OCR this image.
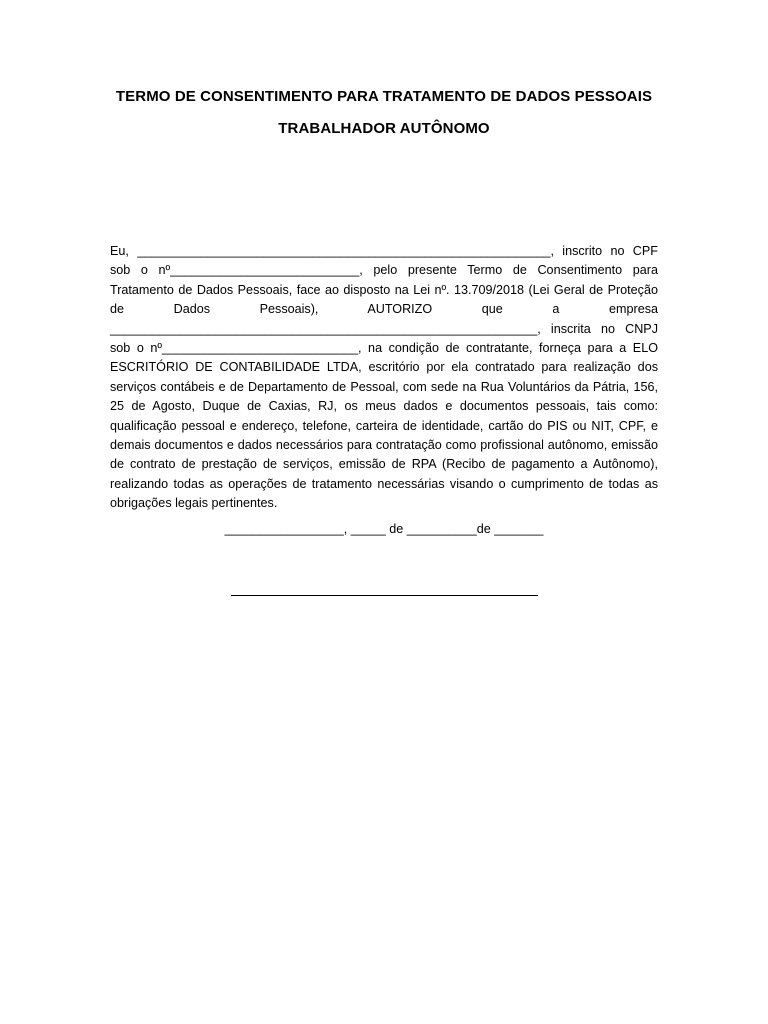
TERMO DE CONSENTIMENTO PARA TRATAMENTO DE DADOS PESSOAIS
TRABALHADOR AUTÔNOMO

Eu, ___________________________________________________________, inscrito no CPF sob o nº___________________________, pelo presente Termo de Consentimento para Tratamento de Dados Pessoais, face ao disposto na Lei nº. 13.709/2018 (Lei Geral de Proteção de Dados Pessoais), AUTORIZO que a empresa _____________________________________________________________, inscrita no CNPJ sob o nº____________________________, na condição de contratante, forneça para a ELO ESCRITÓRIO DE CONTABILIDADE LTDA, escritório por ela contratado para realização dos serviços contábeis e de Departamento de Pessoal, com sede na Rua Voluntários da Pátria, 156, 25 de Agosto, Duque de Caxias, RJ, os meus dados e documentos pessoais, tais como: qualificação pessoal e endereço, telefone, carteira de identidade, cartão do PIS ou NIT, CPF, e demais documentos e dados necessários para contratação como profissional autônomo, emissão de contrato de prestação de serviços, emissão de RPA (Recibo de pagamento a Autônomo), realizando todas as operações de tratamento necessárias visando o cumprimento de todas as obrigações legais pertinentes.

_________________, _____ de __________de _______
